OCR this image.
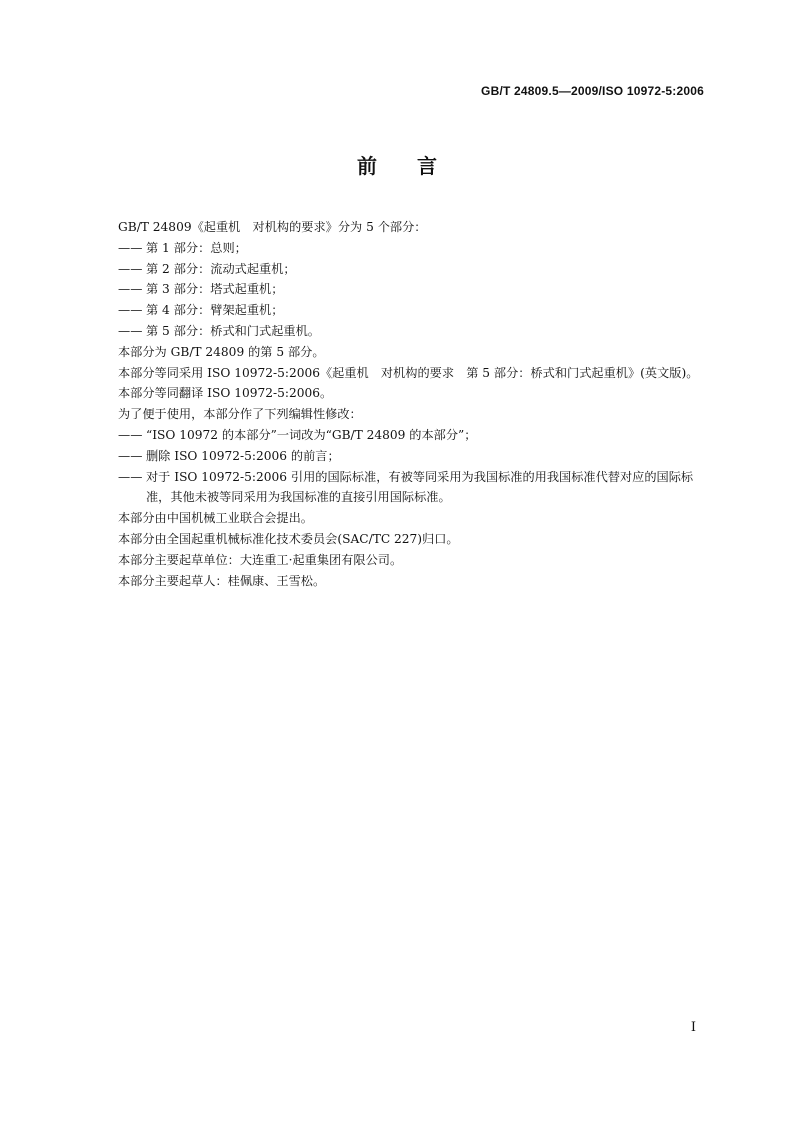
GB/T 24809.5—2009/ISO 10972-5:2006
前言
GB/T 24809《起重机　对机构的要求》分为 5 个部分：
—— 第 1 部分：总则；
—— 第 2 部分：流动式起重机；
—— 第 3 部分：塔式起重机；
—— 第 4 部分：臂架起重机；
—— 第 5 部分：桥式和门式起重机。
本部分为 GB/T 24809 的第 5 部分。
本部分等同采用 ISO 10972-5:2006《起重机　对机构的要求　第 5 部分：桥式和门式起重机》(英文版)。
本部分等同翻译 ISO 10972-5:2006。
为了便于使用，本部分作了下列编辑性修改：
—— “ISO 10972 的本部分”一词改为“GB/T 24809 的本部分”；
—— 删除 ISO 10972-5:2006 的前言；
—— 对于 ISO 10972-5:2006 引用的国际标准，有被等同采用为我国标准的用我国标准代替对应的国际标准，其他未被等同采用为我国标准的直接引用国际标准。
本部分由中国机械工业联合会提出。
本部分由全国起重机械标准化技术委员会(SAC/TC 227)归口。
本部分主要起草单位：大连重工·起重集团有限公司。
本部分主要起草人：桂佩康、王雪松。
I
